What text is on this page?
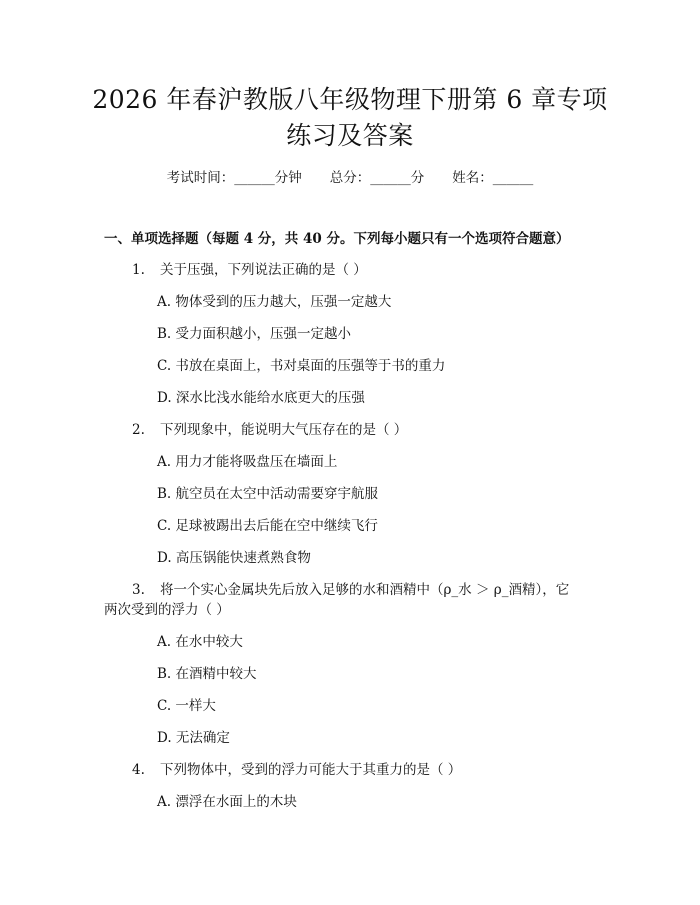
2026 年春沪教版八年级物理下册第 6 章专项
练习及答案
考试时间：______分钟 总分：______分 姓名：______
一、单项选择题（每题 4 分，共 40 分。下列每小题只有一个选项符合题意）
1. 关于压强，下列说法正确的是（ ）
A. 物体受到的压力越大，压强一定越大
B. 受力面积越小，压强一定越小
C. 书放在桌面上，书对桌面的压强等于书的重力
D. 深水比浅水能给水底更大的压强
2. 下列现象中，能说明大气压存在的是（ ）
A. 用力才能将吸盘压在墙面上
B. 航空员在太空中活动需要穿宇航服
C. 足球被踢出去后能在空中继续飞行
D. 高压锅能快速煮熟食物
3. 将一个实心金属块先后放入足够的水和酒精中（ρ_水 ＞ ρ_酒精），它
两次受到的浮力（ ）
A. 在水中较大
B. 在酒精中较大
C. 一样大
D. 无法确定
4. 下列物体中，受到的浮力可能大于其重力的是（ ）
A. 漂浮在水面上的木块
